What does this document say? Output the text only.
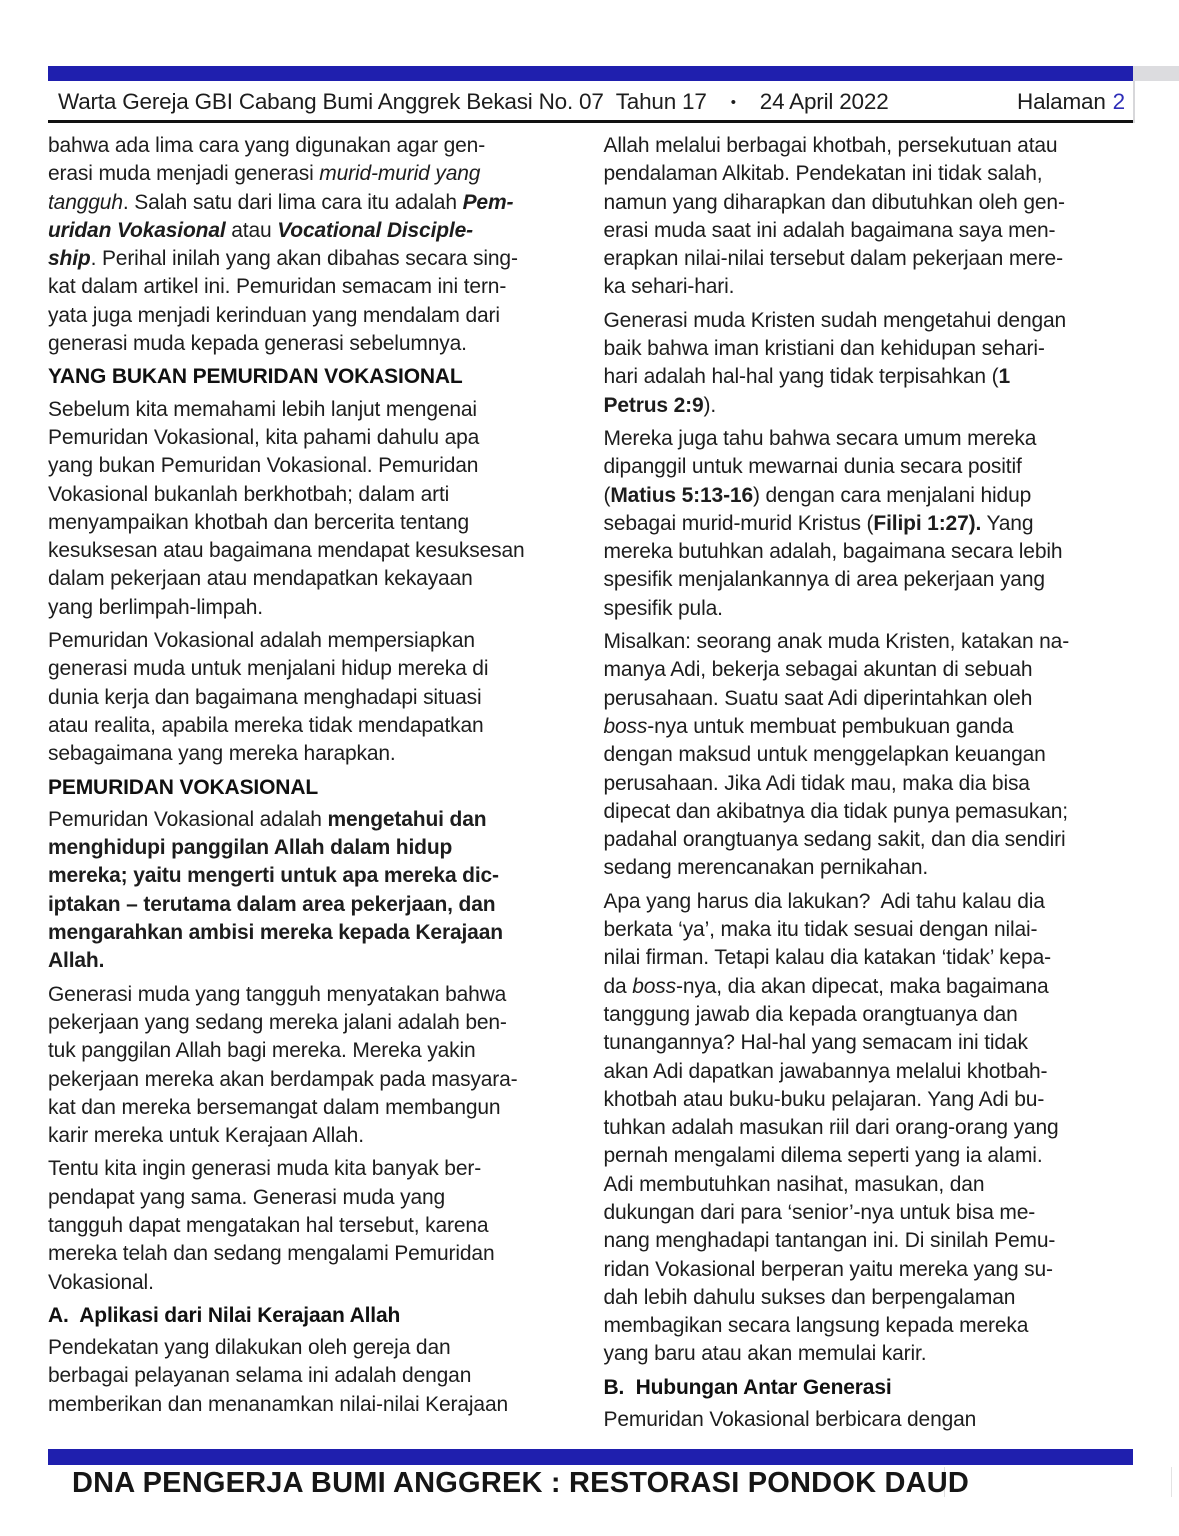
Warta Gereja GBI Cabang Bumi Anggrek Bekasi No. 07 Tahun 17 • 24 April 2022	Halaman 2
bahwa ada lima cara yang digunakan agar gen-
erasi muda menjadi generasi murid-murid yang
tangguh. Salah satu dari lima cara itu adalah Pem-
uridan Vokasional atau Vocational Disciple-
ship. Perihal inilah yang akan dibahas secara sing-
kat dalam artikel ini. Pemuridan semacam ini tern-
yata juga menjadi kerinduan yang mendalam dari
generasi muda kepada generasi sebelumnya.
YANG BUKAN PEMURIDAN VOKASIONAL
Sebelum kita memahami lebih lanjut mengenai
Pemuridan Vokasional, kita pahami dahulu apa
yang bukan Pemuridan Vokasional. Pemuridan
Vokasional bukanlah berkhotbah; dalam arti
menyampaikan khotbah dan bercerita tentang
kesuksesan atau bagaimana mendapat kesuksesan
dalam pekerjaan atau mendapatkan kekayaan
yang berlimpah-limpah.
Pemuridan Vokasional adalah mempersiapkan
generasi muda untuk menjalani hidup mereka di
dunia kerja dan bagaimana menghadapi situasi
atau realita, apabila mereka tidak mendapatkan
sebagaimana yang mereka harapkan.
PEMURIDAN VOKASIONAL
Pemuridan Vokasional adalah mengetahui dan
menghidupi panggilan Allah dalam hidup
mereka; yaitu mengerti untuk apa mereka dic-
iptakan – terutama dalam area pekerjaan, dan
mengarahkan ambisi mereka kepada Kerajaan
Allah.
Generasi muda yang tangguh menyatakan bahwa
pekerjaan yang sedang mereka jalani adalah ben-
tuk panggilan Allah bagi mereka. Mereka yakin
pekerjaan mereka akan berdampak pada masyara-
kat dan mereka bersemangat dalam membangun
karir mereka untuk Kerajaan Allah.
Tentu kita ingin generasi muda kita banyak ber-
pendapat yang sama. Generasi muda yang
tangguh dapat mengatakan hal tersebut, karena
mereka telah dan sedang mengalami Pemuridan
Vokasional.
A.  Aplikasi dari Nilai Kerajaan Allah
Pendekatan yang dilakukan oleh gereja dan
berbagai pelayanan selama ini adalah dengan
memberikan dan menanamkan nilai-nilai Kerajaan
Allah melalui berbagai khotbah, persekutuan atau
pendalaman Alkitab. Pendekatan ini tidak salah,
namun yang diharapkan dan dibutuhkan oleh gen-
erasi muda saat ini adalah bagaimana saya men-
erapkan nilai-nilai tersebut dalam pekerjaan mere-
ka sehari-hari.
Generasi muda Kristen sudah mengetahui dengan
baik bahwa iman kristiani dan kehidupan sehari-
hari adalah hal-hal yang tidak terpisahkan (1
Petrus 2:9).
Mereka juga tahu bahwa secara umum mereka
dipanggil untuk mewarnai dunia secara positif
(Matius 5:13-16) dengan cara menjalani hidup
sebagai murid-murid Kristus (Filipi 1:27). Yang
mereka butuhkan adalah, bagaimana secara lebih
spesifik menjalankannya di area pekerjaan yang
spesifik pula.
Misalkan: seorang anak muda Kristen, katakan na-
manya Adi, bekerja sebagai akuntan di sebuah
perusahaan. Suatu saat Adi diperintahkan oleh
boss-nya untuk membuat pembukuan ganda
dengan maksud untuk menggelapkan keuangan
perusahaan. Jika Adi tidak mau, maka dia bisa
dipecat dan akibatnya dia tidak punya pemasukan;
padahal orangtuanya sedang sakit, dan dia sendiri
sedang merencanakan pernikahan.
Apa yang harus dia lakukan?  Adi tahu kalau dia
berkata ‘ya’, maka itu tidak sesuai dengan nilai-
nilai firman. Tetapi kalau dia katakan ‘tidak’ kepa-
da boss-nya, dia akan dipecat, maka bagaimana
tanggung jawab dia kepada orangtuanya dan
tunangannya? Hal-hal yang semacam ini tidak
akan Adi dapatkan jawabannya melalui khotbah-
khotbah atau buku-buku pelajaran. Yang Adi bu-
tuhkan adalah masukan riil dari orang-orang yang
pernah mengalami dilema seperti yang ia alami.
Adi membutuhkan nasihat, masukan, dan
dukungan dari para ‘senior’-nya untuk bisa me-
nang menghadapi tantangan ini. Di sinilah Pemu-
ridan Vokasional berperan yaitu mereka yang su-
dah lebih dahulu sukses dan berpengalaman
membagikan secara langsung kepada mereka
yang baru atau akan memulai karir.
B.  Hubungan Antar Generasi
Pemuridan Vokasional berbicara dengan
DNA PENGERJA BUMI ANGGREK : RESTORASI PONDOK DAUD
